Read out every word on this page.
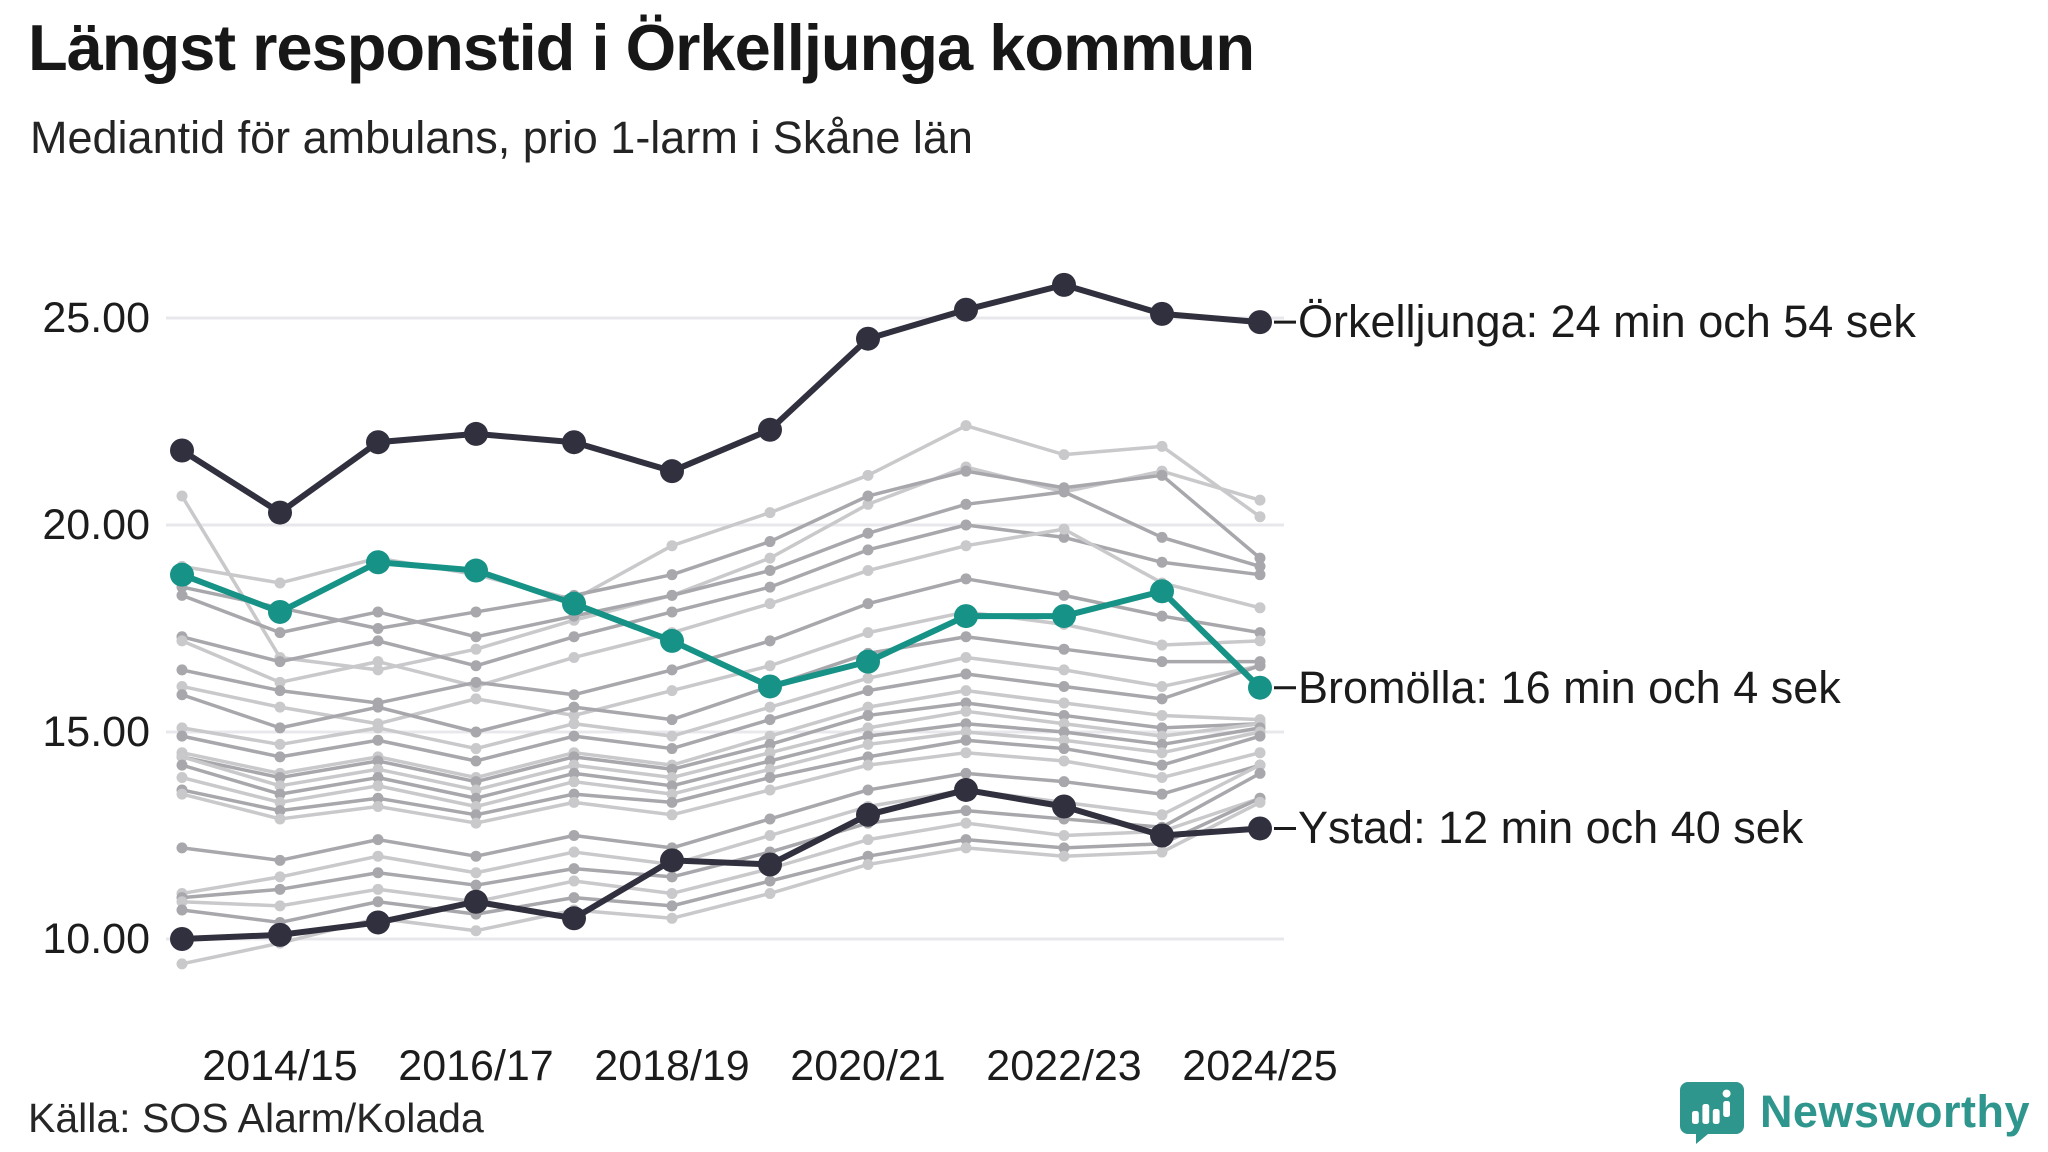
Längst responstid i Örkelljunga kommun
Mediantid för ambulans, prio 1-larm i Skåne län
25.00
20.00
15.00
10.00
2014/15 2016/17 2018/19 2020/21 2022/23 2024/25
Örkelljunga: 24 min och 54 sek
Bromölla: 16 min och 4 sek
Ystad: 12 min och 40 sek
Källa: SOS Alarm/Kolada	Newsworthy
